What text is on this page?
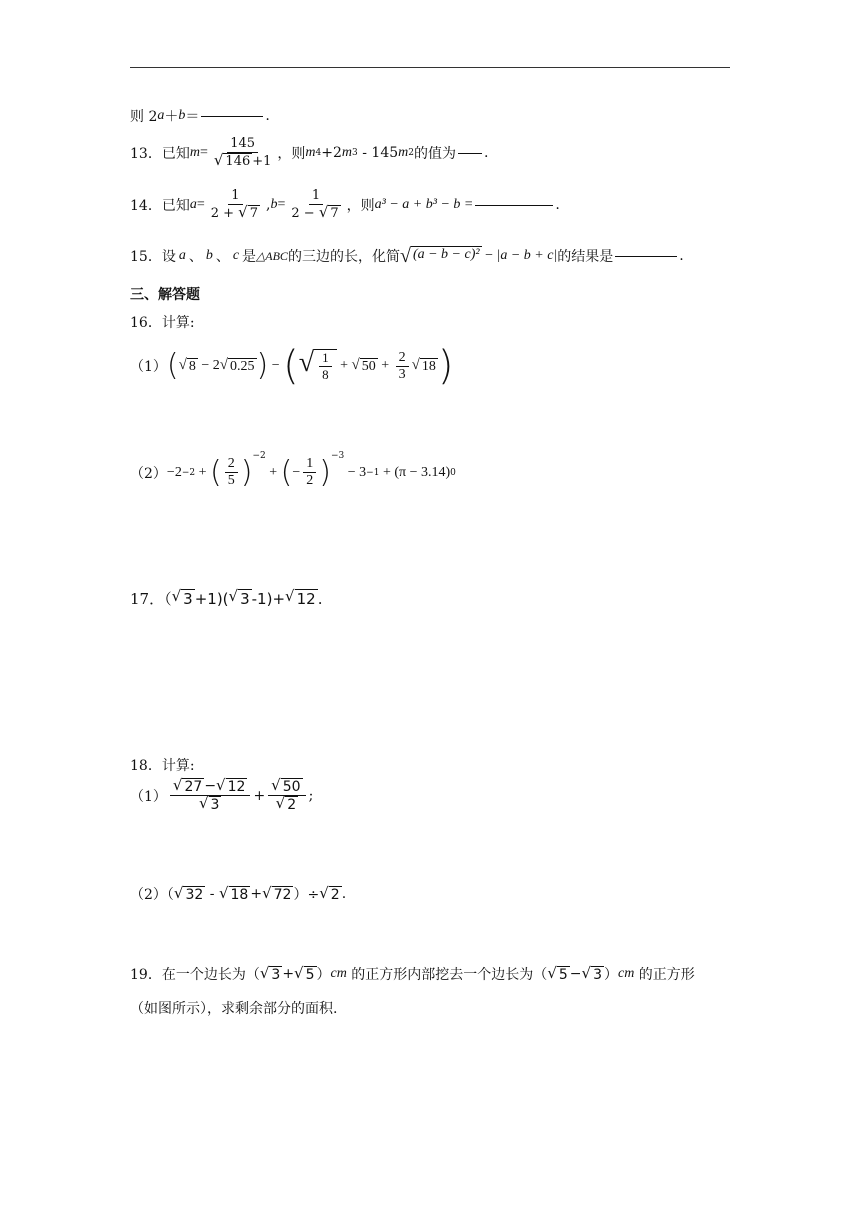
则 2 a ＋ b ＝	.
13．已知 $m = \frac{145}{√ 146 +1}$ ，则 m 4 +2 m 3 - 145 m 2 的值为 .
14．已知 $a = \frac{1}{2 + √ 7}$ , $b = \frac{1}{2 - √ 7}$ ，则 a³ − a + b³ − b =	.
15．设 a 、 b 、 c 是 △ABC 的三边的长，化简 √ (a − b − c)² − |a − b + c| 的结果是	.
三、解答题
16．计算:
（1） ( √ 8 − 2 √ 0.25 ) − ( √ $\frac{1}{8}$ + √ $50 + \frac{2}{3}$ √ 18 )
（2） −2 −2 + ( $\frac{2}{5}$ ) −2
+ ( − $\frac{1}{2}$ ) −3
− 3 −1 + (π − 3.14) 0
17．（ √ 3 +1)( √ 3 -1)+ √ 12 .
18．计算:
$(1) \frac{√ 27 - √ 12}{√ 3} + \frac{√ 50}{√ 2}$ ;
（2）（ √ 32 - √ 18 + √ 72 ）÷ √ 2 .
19．在一个边长为（ √ 3 + √ 5 ） cm 的正方形内部挖去一个边长为（ √ 5 − √ 3 ） cm 的正方形
（如图所示），求剩余部分的面积.
